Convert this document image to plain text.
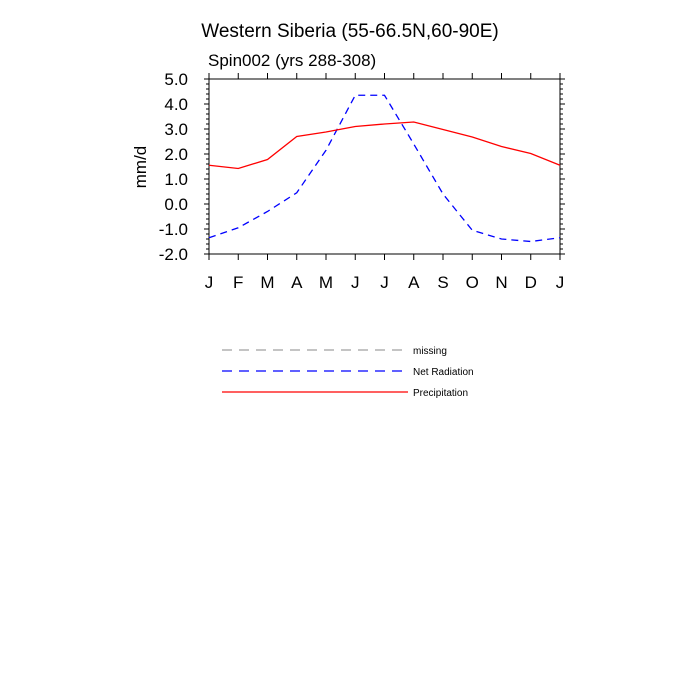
Western Siberia (55-66.5N,60-90E)
Spin002 (yrs 288-308)
mm/d
-2.0
-1.0
0.0
1.0
2.0
3.0
4.0
5.0
J F M A M J J A S O N D J
missing
Net Radiation
Precipitation
